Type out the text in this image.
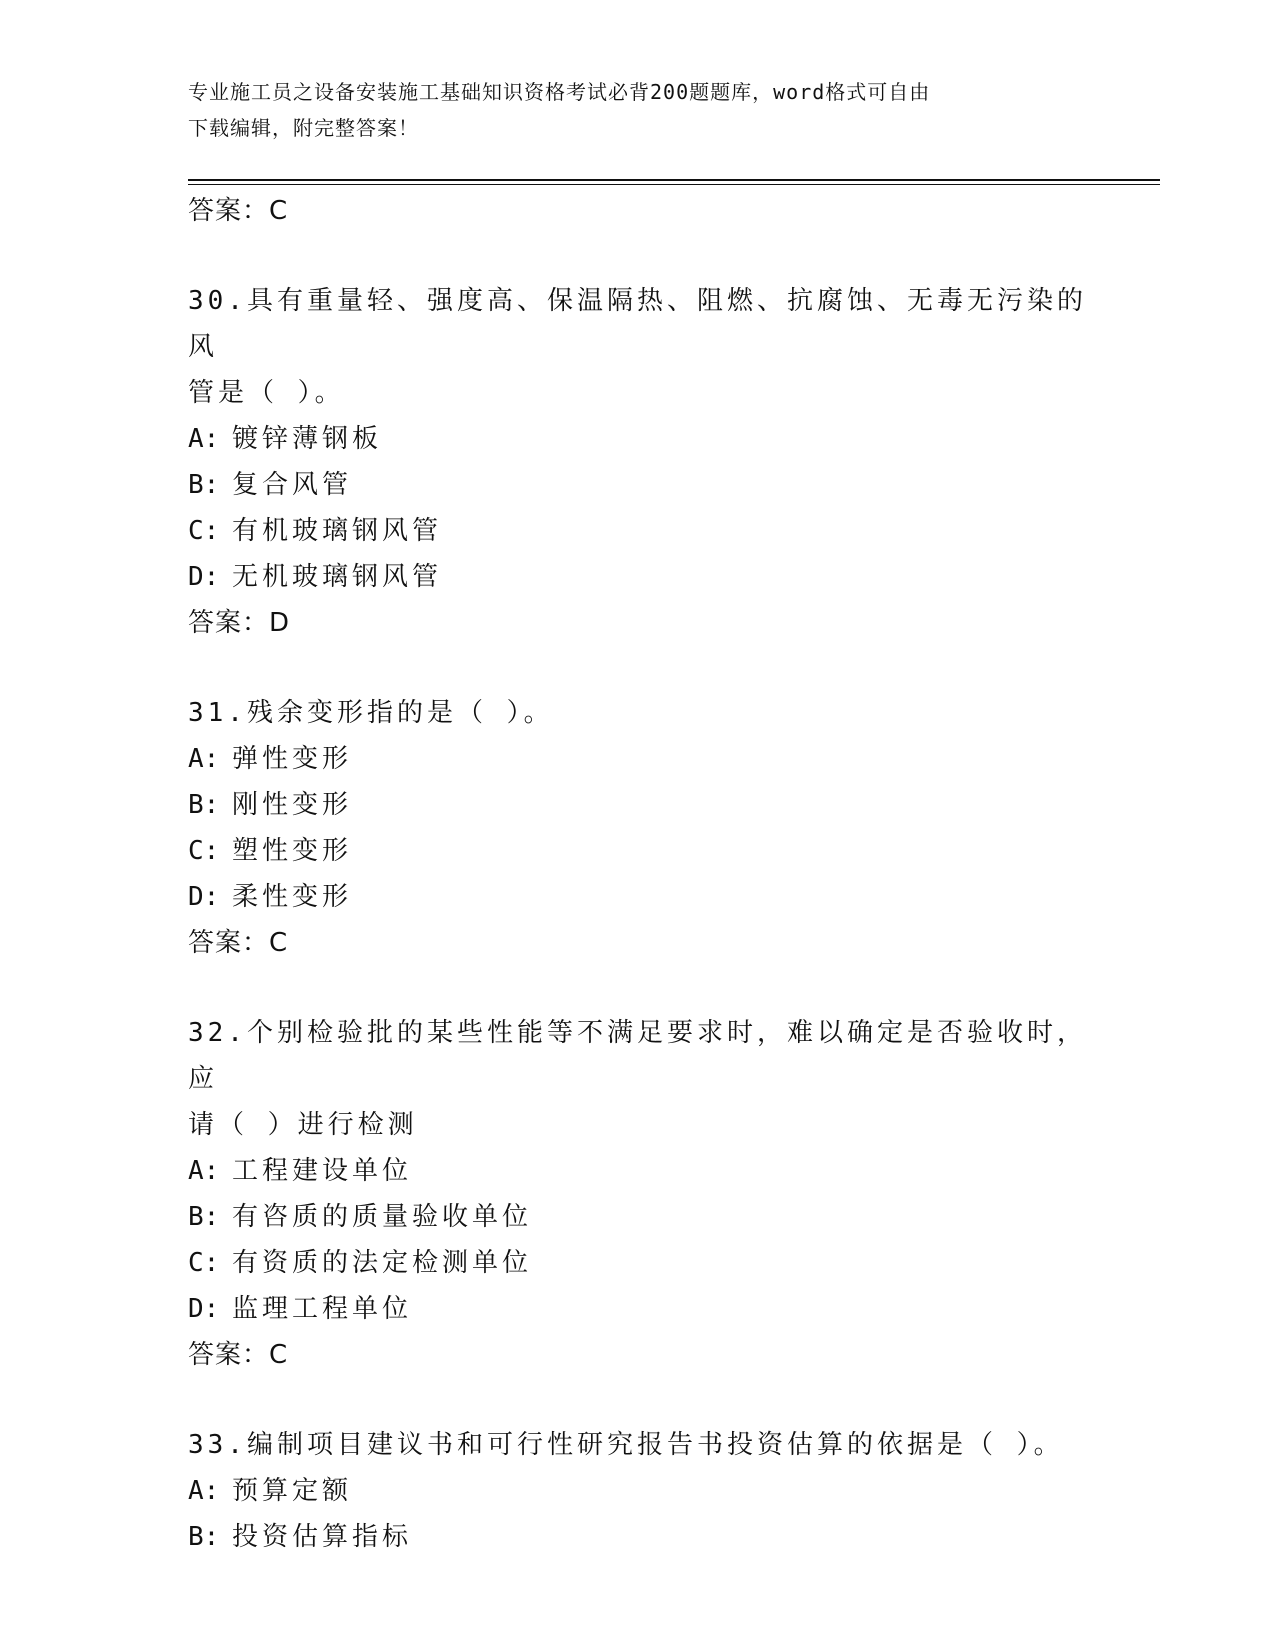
专业施工员之设备安装施工基础知识资格考试必背200题题库，word格式可自由
下载编辑，附完整答案！
答案：C
30.具有重量轻、强度高、保温隔热、阻燃、抗腐蚀、无毒无污染的风
管是（ ）。
A: 镀锌薄钢板
B: 复合风管
C: 有机玻璃钢风管
D: 无机玻璃钢风管
答案：D
31.残余变形指的是（ ）。
A: 弹性变形
B: 刚性变形
C: 塑性变形
D: 柔性变形
答案：C
32.个别检验批的某些性能等不满足要求时，难以确定是否验收时，应
请（ ）进行检测
A: 工程建设单位
B: 有咨质的质量验收单位
C: 有资质的法定检测单位
D: 监理工程单位
答案：C
33.编制项目建议书和可行性研究报告书投资估算的依据是（ ）。
A: 预算定额
B: 投资估算指标
